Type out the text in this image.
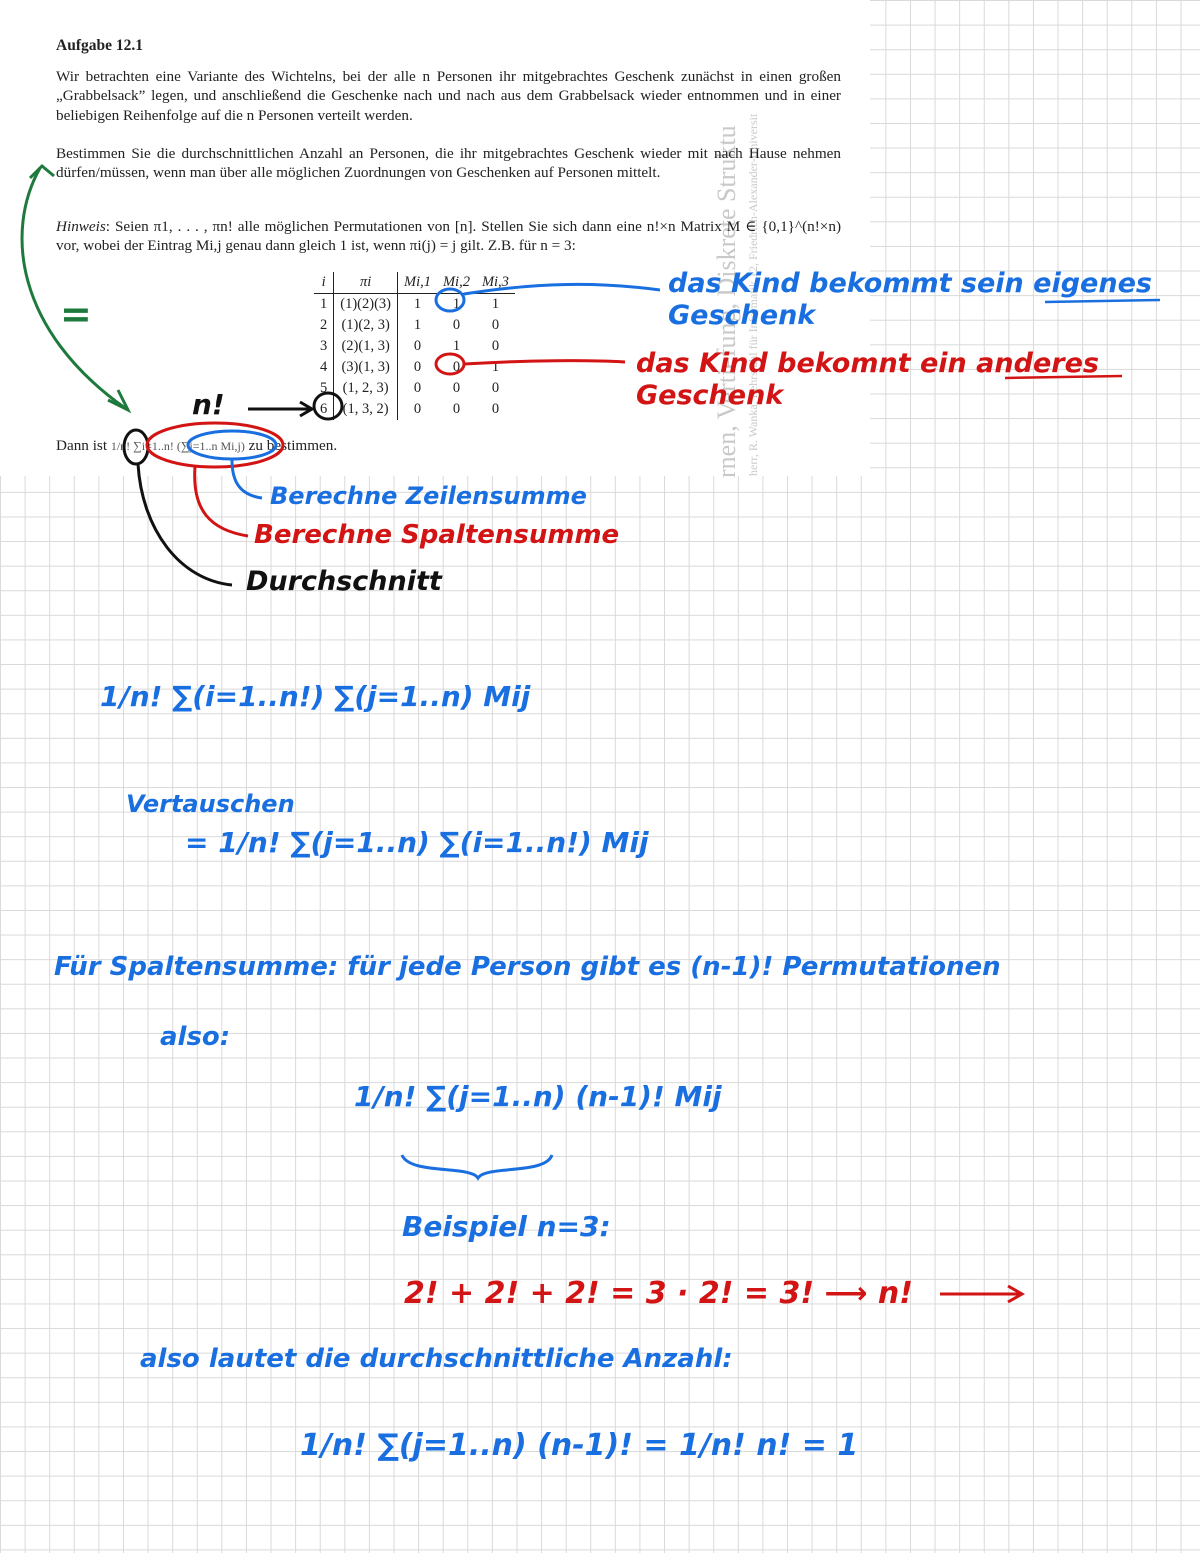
rnen, Vertiefung, Diskrete Struktu herr, R. Wanka, Lehrstuhl für Informatik 12, Friedrich-Alexander-Universit
Aufgabe 12.1
Wir betrachten eine Variante des Wichtelns, bei der alle n Personen ihr mitgebrachtes Geschenk zunächst in einen großen „Grabbelsack” legen, und anschließend die Geschenke nach und nach aus dem Grabbelsack wieder entnommen und in einer beliebigen Reihenfolge auf die n Personen verteilt werden.
Bestimmen Sie die durchschnittlichen Anzahl an Personen, die ihr mitgebrachtes Geschenk wieder mit nach Hause nehmen dürfen/müssen, wenn man über alle möglichen Zuordnungen von Geschenken auf Personen mittelt.
Hinweis: Seien π1, . . . , πn! alle möglichen Permutationen von [n]. Stellen Sie sich dann eine n!×n Matrix M ∈ {0,1}^(n!×n) vor, wobei der Eintrag Mi,j genau dann gleich 1 ist, wenn πi(j) = j gilt. Z.B. für n = 3:
i	πi	Mi,1	Mi,2	Mi,3
1	(1)(2)(3)	1	1	1
2	(1)(2, 3)	1	0	0
3	(2)(1, 3)	0	1	0
4	(3)(1, 3)	0	0	1
5	(1, 2, 3)	0	0	0
6	(1, 3, 2)	0	0	0
Dann ist 1/n! ∑i=1..n! (∑j=1..n Mi,j) zu bestimmen.
=
das Kind bekommt sein eigenes Geschenk
das Kind bekomnt ein anderes Geschenk
n!
Berechne Zeilensumme
Berechne Spaltensumme
Durchschnitt
1/n! ∑(i=1..n!) ∑(j=1..n) Mij
Vertauschen
= 1/n! ∑(j=1..n) ∑(i=1..n!) Mij
Für Spaltensumme: für jede Person gibt es (n-1)! Permutationen
also:
1/n! ∑(j=1..n) (n-1)! Mij
Beispiel n=3:
2! + 2! + 2! = 3 · 2! = 3! ⟶ n!
also lautet die durchschnittliche Anzahl:
1/n! ∑(j=1..n) (n-1)! = 1/n! n! = 1
